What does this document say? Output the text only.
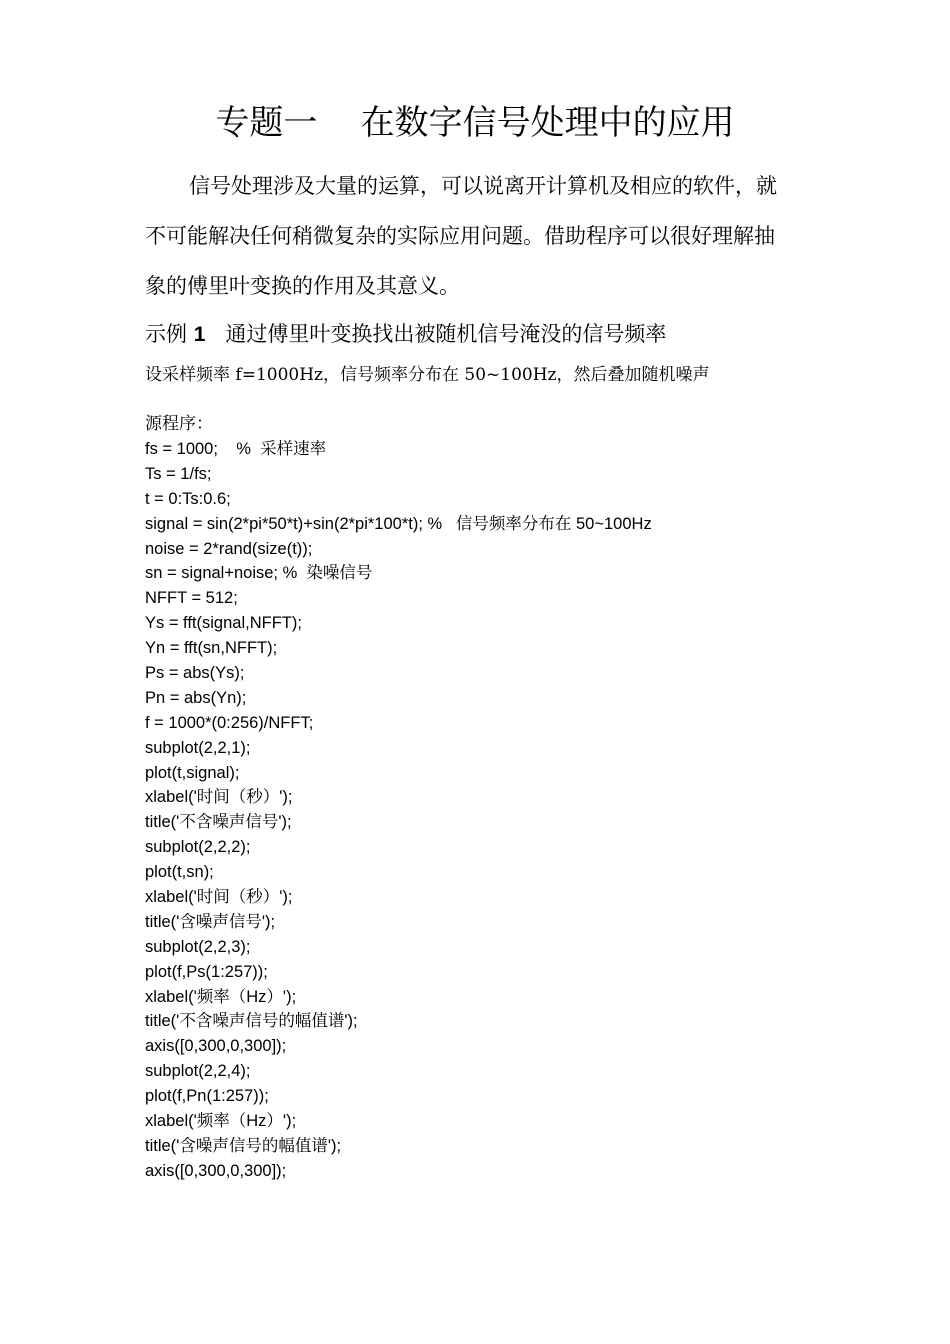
专题一    在数字信号处理中的应用
信号处理涉及大量的运算，可以说离开计算机及相应的软件，就
不可能解决任何稍微复杂的实际应用问题。借助程序可以很好理解抽
象的傅里叶变换的作用及其意义。
示例 1   通过傅里叶变换找出被随机信号淹没的信号频率
设采样频率 f=1000Hz，信号频率分布在 50~100Hz，然后叠加随机噪声
源程序：
fs = 1000;    %  采样速率
Ts = 1/fs;
t = 0:Ts:0.6;
signal = sin(2*pi*50*t)+sin(2*pi*100*t); %   信号频率分布在 50~100Hz
noise = 2*rand(size(t));
sn = signal+noise; %  染噪信号
NFFT = 512;
Ys = fft(signal,NFFT);
Yn = fft(sn,NFFT);
Ps = abs(Ys);
Pn = abs(Yn);
f = 1000*(0:256)/NFFT;
subplot(2,2,1);
plot(t,signal);
xlabel('时间（秒）');
title('不含噪声信号');
subplot(2,2,2);
plot(t,sn);
xlabel('时间（秒）');
title('含噪声信号');
subplot(2,2,3);
plot(f,Ps(1:257));
xlabel('频率（Hz）');
title('不含噪声信号的幅值谱');
axis([0,300,0,300]);
subplot(2,2,4);
plot(f,Pn(1:257));
xlabel('频率（Hz）');
title('含噪声信号的幅值谱');
axis([0,300,0,300]);
